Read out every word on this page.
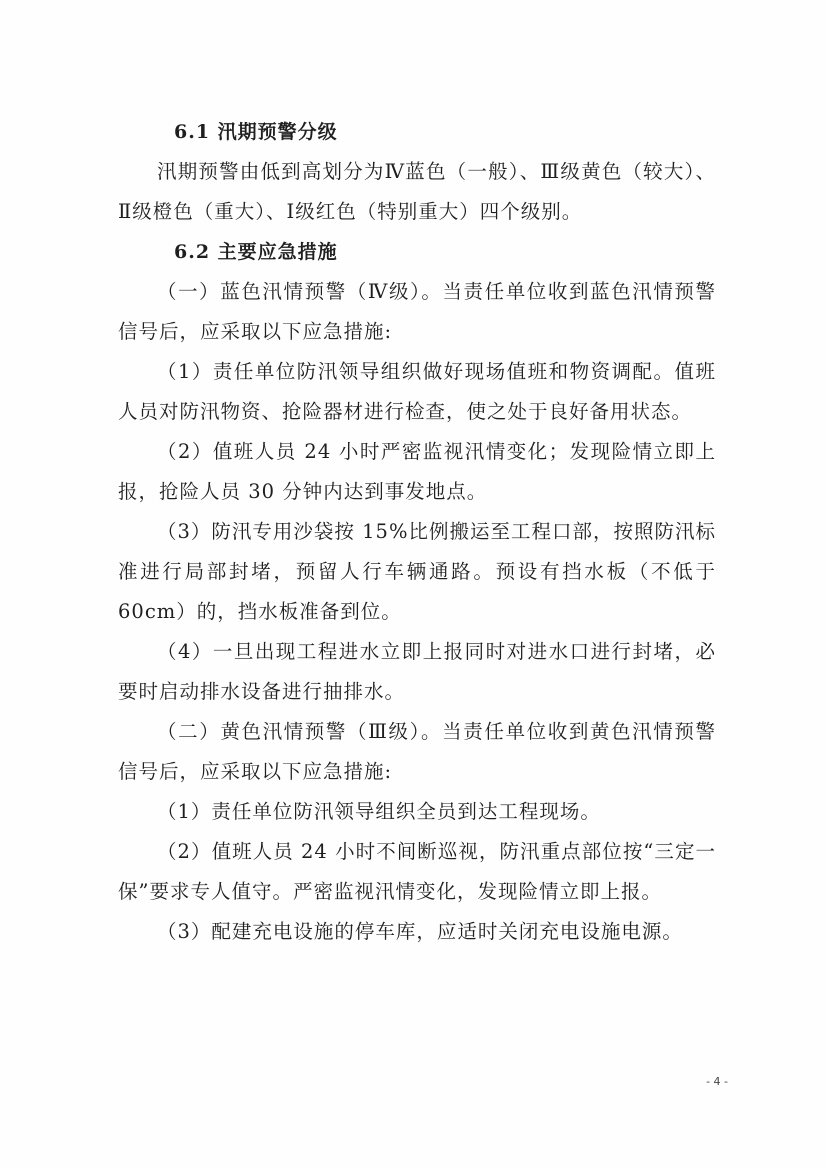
6.1 汛期预警分级

汛期预警由低到高划分为Ⅳ蓝色（一般）、Ⅲ级黄色（较大）、Ⅱ级橙色（重大）、Ⅰ级红色（特别重大）四个级别。

6.2 主要应急措施

（一）蓝色汛情预警（Ⅳ级）。当责任单位收到蓝色汛情预警信号后，应采取以下应急措施:

（1）责任单位防汛领导组织做好现场值班和物资调配。值班人员对防汛物资、抢险器材进行检查，使之处于良好备用状态。

（2）值班人员 24 小时严密监视汛情变化；发现险情立即上报，抢险人员 30 分钟内达到事发地点。

（3）防汛专用沙袋按 15%比例搬运至工程口部，按照防汛标准进行局部封堵，预留人行车辆通路。预设有挡水板（不低于 60cm）的，挡水板准备到位。

（4）一旦出现工程进水立即上报同时对进水口进行封堵，必要时启动排水设备进行抽排水。

（二）黄色汛情预警（Ⅲ级）。当责任单位收到黄色汛情预警信号后，应采取以下应急措施:

（1）责任单位防汛领导组织全员到达工程现场。

（2）值班人员 24 小时不间断巡视，防汛重点部位按“三定一保”要求专人值守。严密监视汛情变化，发现险情立即上报。

（3）配建充电设施的停车库，应适时关闭充电设施电源。

- 4 -
